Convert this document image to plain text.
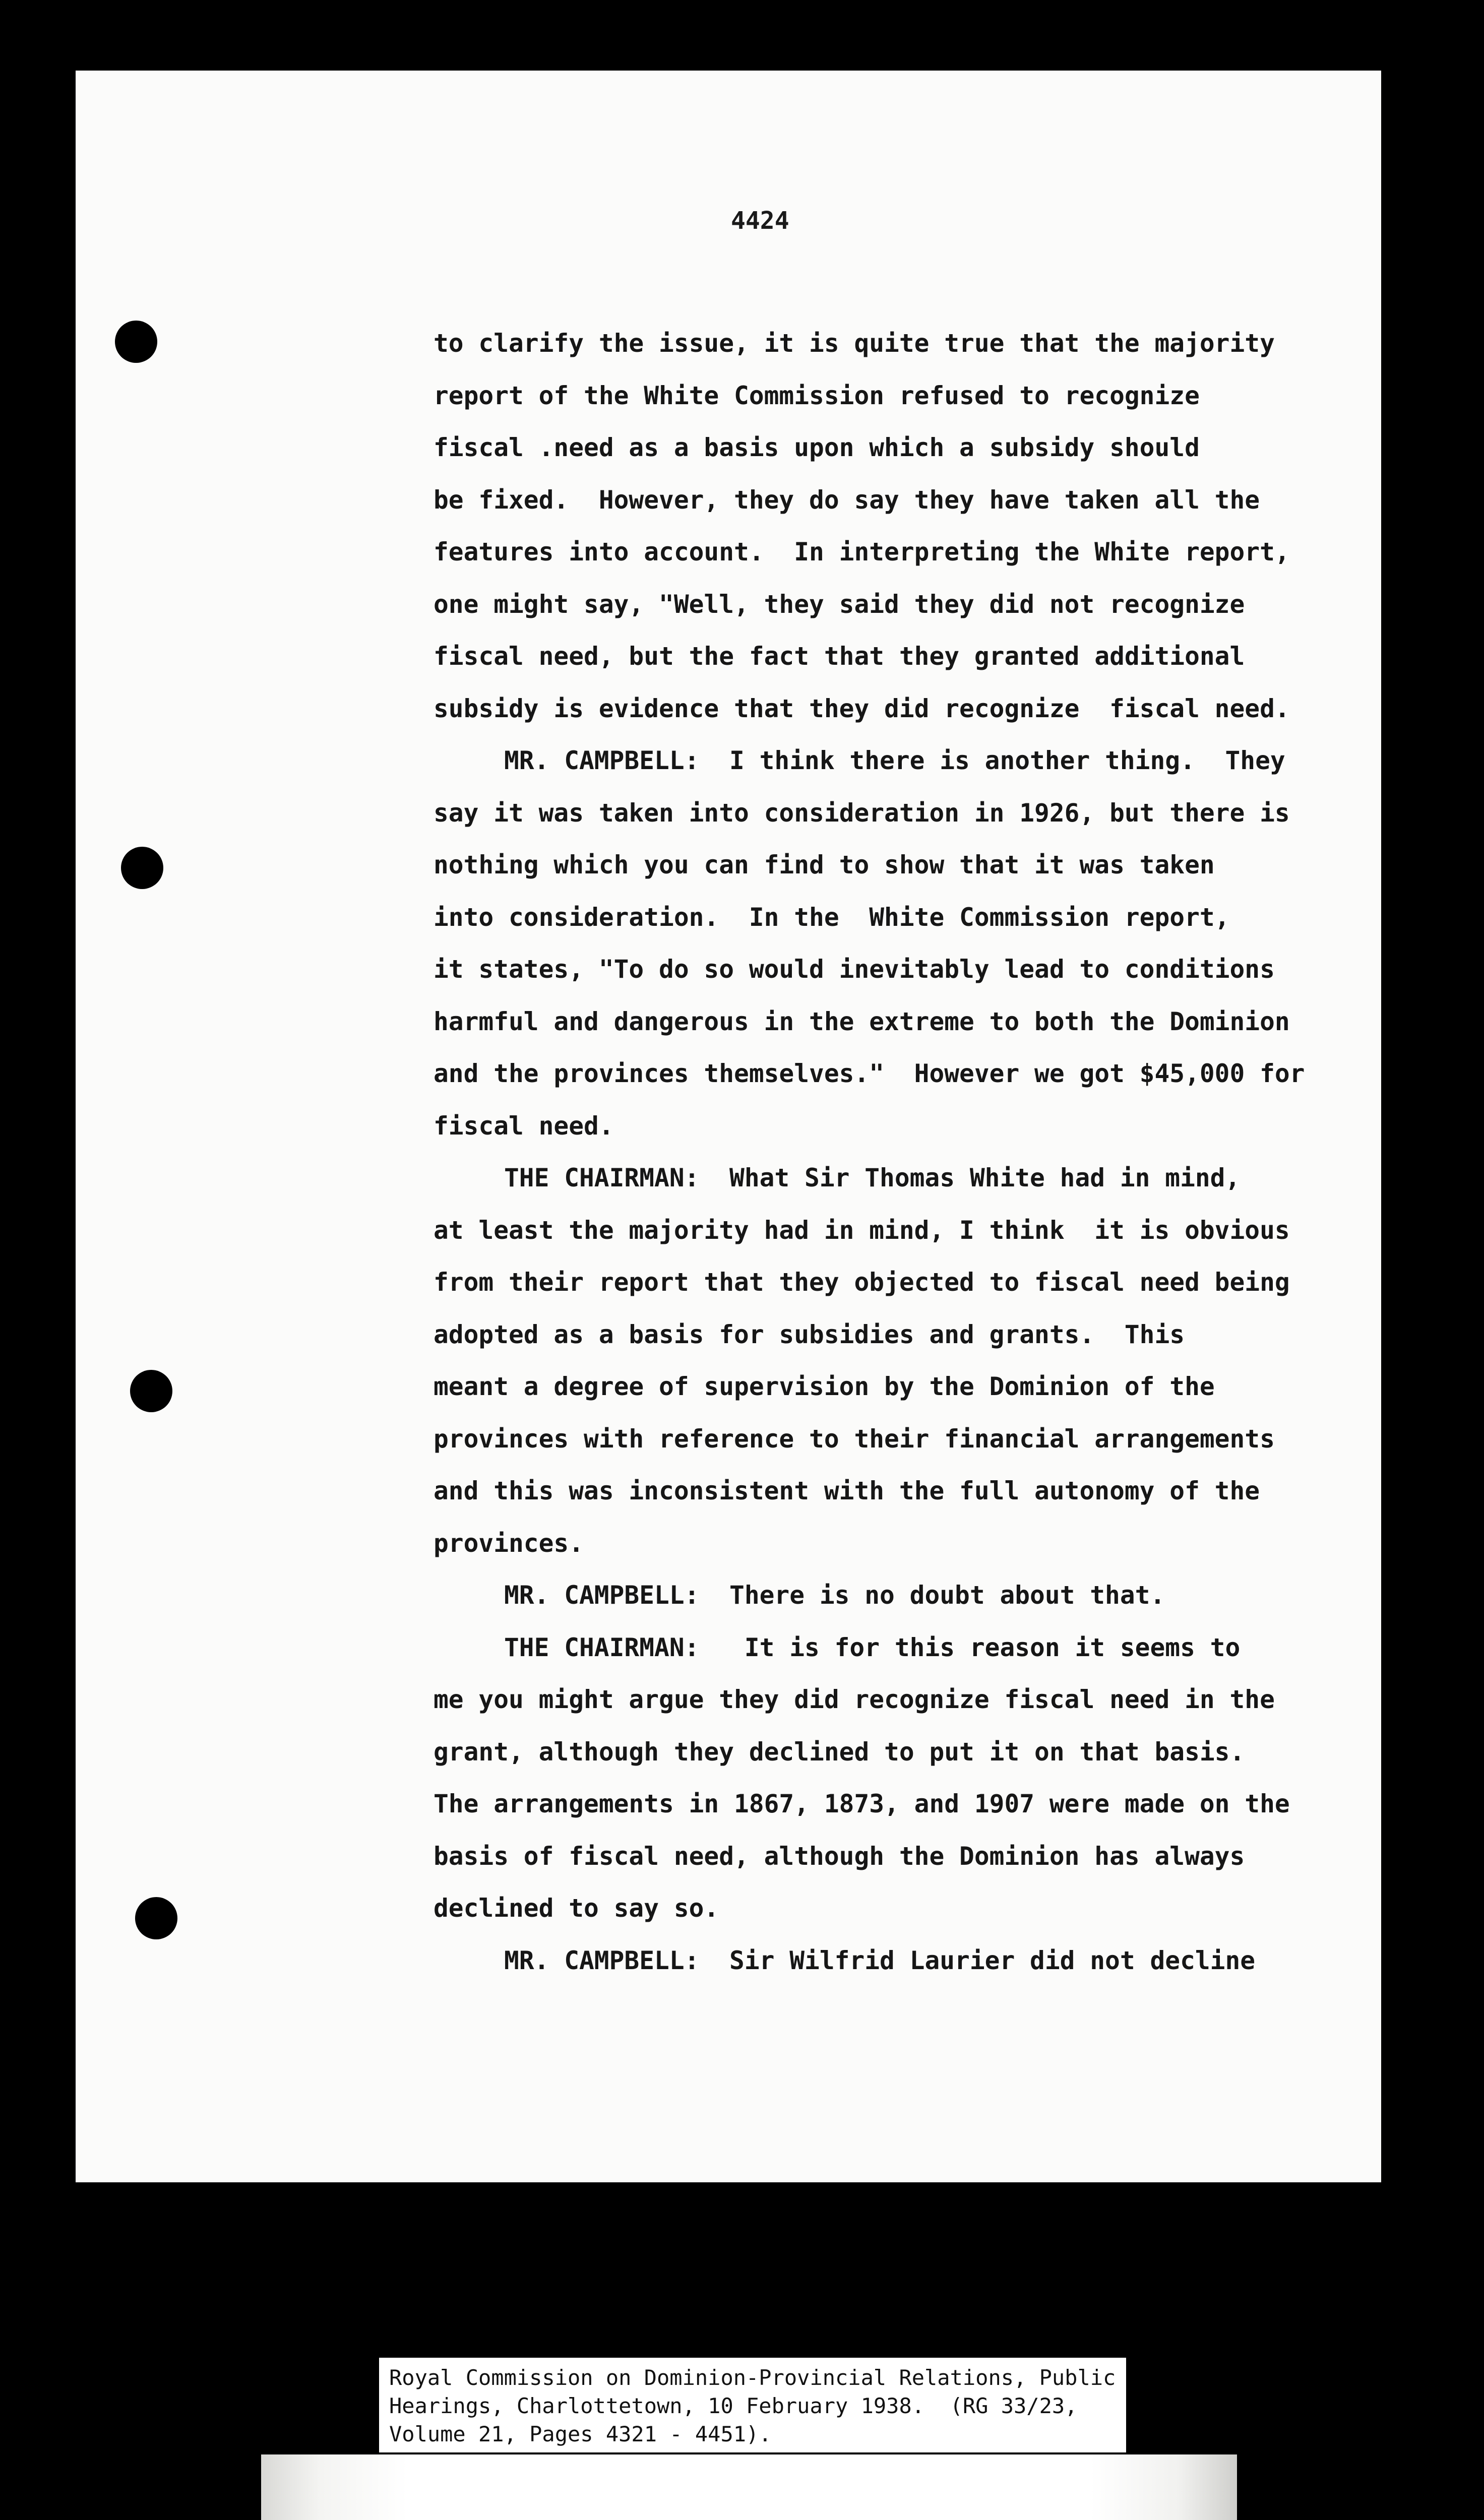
4424
to clarify the issue, it is quite true that the majority
report of the White Commission refused to recognize
fiscal .need as a basis upon which a subsidy should
be fixed.  However, they do say they have taken all the
features into account.  In interpreting the White report,
one might say, "Well, they said they did not recognize
fiscal need, but the fact that they granted additional
subsidy is evidence that they did recognize  fiscal need.
MR. CAMPBELL:  I think there is another thing.  They
say it was taken into consideration in 1926, but there is
nothing which you can find to show that it was taken
into consideration.  In the  White Commission report,
it states, "To do so would inevitably lead to conditions
harmful and dangerous in the extreme to both the Dominion
and the provinces themselves."  However we got $45,000 for
fiscal need.
THE CHAIRMAN:  What Sir Thomas White had in mind,
at least the majority had in mind, I think  it is obvious
from their report that they objected to fiscal need being
adopted as a basis for subsidies and grants.  This
meant a degree of supervision by the Dominion of the
provinces with reference to their financial arrangements
and this was inconsistent with the full autonomy of the
provinces.
MR. CAMPBELL:  There is no doubt about that.
THE CHAIRMAN:   It is for this reason it seems to
me you might argue they did recognize fiscal need in the
grant, although they declined to put it on that basis.
The arrangements in 1867, 1873, and 1907 were made on the
basis of fiscal need, although the Dominion has always
declined to say so.
MR. CAMPBELL:  Sir Wilfrid Laurier did not decline
Royal Commission on Dominion-Provincial Relations, Public
Hearings, Charlottetown, 10 February 1938.  (RG 33/23,
Volume 21, Pages 4321 - 4451).
